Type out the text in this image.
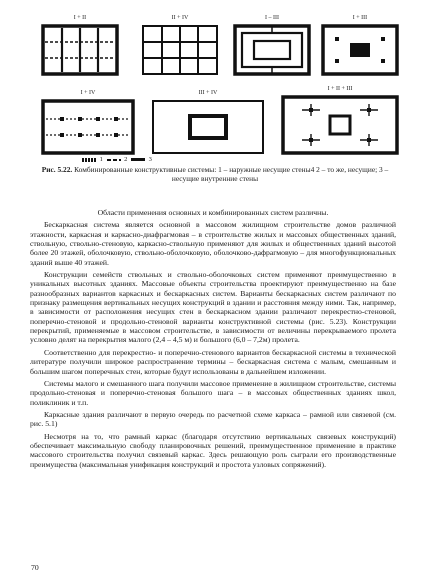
I + II	II + IV	I – III	I + III
I + IV	III + IV
I + II + III
1	2	3
Рис. 5.22. Комбинированные конструктивные системы: 1 – наружные несущие стены4 2 – то же, несущие; 3 – несущие внутренние стены

Области применения основных и комбинированных систем различны.

Бескаркасная система является основной в массовом жилищном строительстве домов различной этажности, каркасная и каркасно-диафрагмовая – в строительстве жилых и массовых общественных зданий, ствольную, ствольно-стеновую, каркасно-ствольную применяют для жилых и общественных зданий высотой более 20 этажей, оболочковую, ствольно-оболочковую, оболочково-дафрагмовую – для многофункциональных зданий выше 40 этажей.

Конструкции семейств ствольных и ствольно-оболочковых систем применяют преимущественно в уникальных высотных зданиях. Массовые объекты строительства проектируют преимущественно на базе разнообразных вариантов каркасных и бескаркасных систем. Варианты бескаркасных систем различают по признаку размещения вертикальных несущих конструкций в здании и расстояния между ними. Так, например, в зависимости от расположения несущих стен в бескаркасном здании различают перекрестно-стеновой, поперечно-стеновой и продольно-стеновой варианты конструктивной системы (рис. 5.23). Конструкции перекрытий, применяемые в массовом строительстве, в зависимости от величины перекрываемого пролета условно делят на перекрытия малого (2,4 – 4,5 м) и большого (6,0 – 7,2м) пролета.

Соответственно для перекрестно- и поперечно-стенового вариантов бескаркасной системы в технической литературе получили широкое распространение термины – бескаркасная система с малым, смешанным и большим шагом поперечных стен, которые будут использованы в дальнейшем изложении.

Системы малого и смешанного шага получили массовое применение в жилищном строительстве, системы продольно-стеновая и поперечно-стеновая большого шага – в массовых общественных зданиях школ, поликлиник и т.п.

Каркасные здания различают в первую очередь по расчетной схеме каркаса – рамной или связевой (см. рис. 5.1)

Несмотря на то, что рамный каркас (благодаря отсутствию вертикальных связевых конструкций) обеспечивает максимальную свободу планировочных решений, преимущественное применение в практике массового строительства получил связевый каркас. Здесь решающую роль сыграли его производственные преимущества (максимальная унификация конструкций и простота узловых сопряжений).

70
